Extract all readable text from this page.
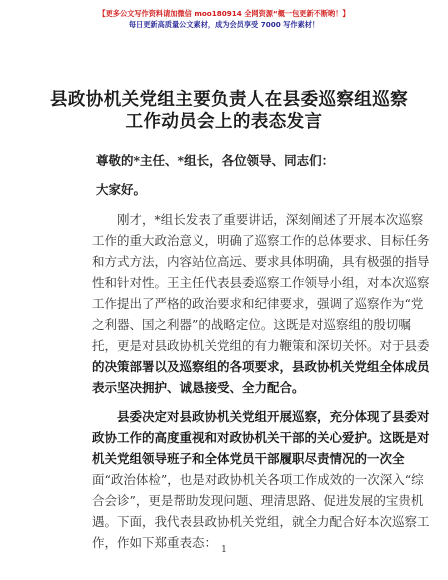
【更多公文写作资料请加微信 moo180914 全网资源“概一包更新不断哟！】
每日更新高质量公文素材，成为会员享受 7000 写作素材！
县政协机关党组主要负责人在县委巡察组巡察
工作动员会上的表态发言
尊敬的*主任、*组长，各位领导、同志们：
大家好。
刚才，*组长发表了重要讲话，深刻阐述了开展本次巡察
工作的重大政治意义，明确了巡察工作的总体要求、目标任务
和方式方法，内容站位高远、要求具体明确，具有极强的指导
性和针对性。王主任代表县委巡察工作领导小组，对本次巡察
工作提出了严格的政治要求和纪律要求，强调了巡察作为“党
之利器、国之利器”的战略定位。这既是对巡察组的殷切嘱
托，更是对县政协机关党组的有力鞭策和深切关怀。对于县委
的决策部署以及巡察组的各项要求，县政协机关党组全体成员
表示坚决拥护、诚恳接受、全力配合。
县委决定对县政协机关党组开展巡察，充分体现了县委对
政协工作的高度重视和对政协机关干部的关心爱护。这既是对
机关党组领导班子和全体党员干部履职尽责情况的一次全
面“政治体检”，也是对政协机关各项工作成效的一次深入“综
合会诊”，更是帮助发现问题、理清思路、促进发展的宝贵机
遇。下面，我代表县政协机关党组，就全力配合好本次巡察工
作，作如下郑重表态： 1
